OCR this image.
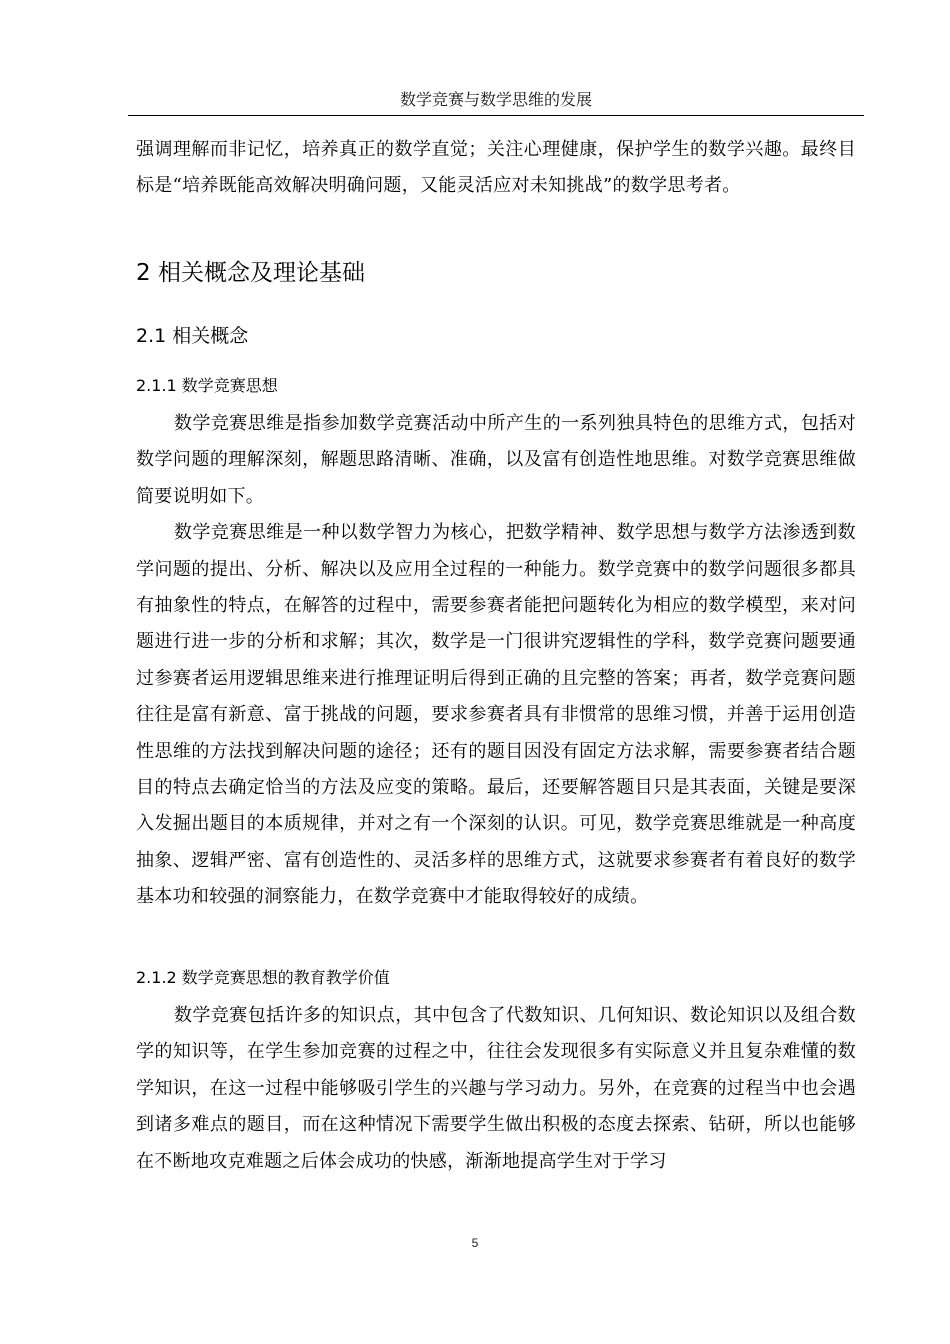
数学竞赛与数学思维的发展

强调理解而非记忆，培养真正的数学直觉；关注心理健康，保护学生的数学兴趣。最终目标是“培养既能高效解决明确问题，又能灵活应对未知挑战”的数学思考者。

2 相关概念及理论基础
2.1 相关概念
2.1.1 数学竞赛思想

数学竞赛思维是指参加数学竞赛活动中所产生的一系列独具特色的思维方式，包括对数学问题的理解深刻，解题思路清晰、准确，以及富有创造性地思维。对数学竞赛思维做简要说明如下。

数学竞赛思维是一种以数学智力为核心，把数学精神、数学思想与数学方法渗透到数学问题的提出、分析、解决以及应用全过程的一种能力。数学竞赛中的数学问题很多都具有抽象性的特点，在解答的过程中，需要参赛者能把问题转化为相应的数学模型，来对问题进行进一步的分析和求解；其次，数学是一门很讲究逻辑性的学科，数学竞赛问题要通过参赛者运用逻辑思维来进行推理证明后得到正确的且完整的答案；再者，数学竞赛问题往往是富有新意、富于挑战的问题，要求参赛者具有非惯常的思维习惯，并善于运用创造性思维的方法找到解决问题的途径；还有的题目因没有固定方法求解，需要参赛者结合题目的特点去确定恰当的方法及应变的策略。最后，还要解答题目只是其表面，关键是要深入发掘出题目的本质规律，并对之有一个深刻的认识。可见，数学竞赛思维就是一种高度抽象、逻辑严密、富有创造性的、灵活多样的思维方式，这就要求参赛者有着良好的数学基本功和较强的洞察能力，在数学竞赛中才能取得较好的成绩。

2.1.2 数学竞赛思想的教育教学价值

数学竞赛包括许多的知识点，其中包含了代数知识、几何知识、数论知识以及组合数学的知识等，在学生参加竞赛的过程之中，往往会发现很多有实际意义并且复杂难懂的数学知识，在这一过程中能够吸引学生的兴趣与学习动力。另外，在竞赛的过程当中也会遇到诸多难点的题目，而在这种情况下需要学生做出积极的态度去探索、钻研，所以也能够在不断地攻克难题之后体会成功的快感，渐渐地提高学生对于学习

5
